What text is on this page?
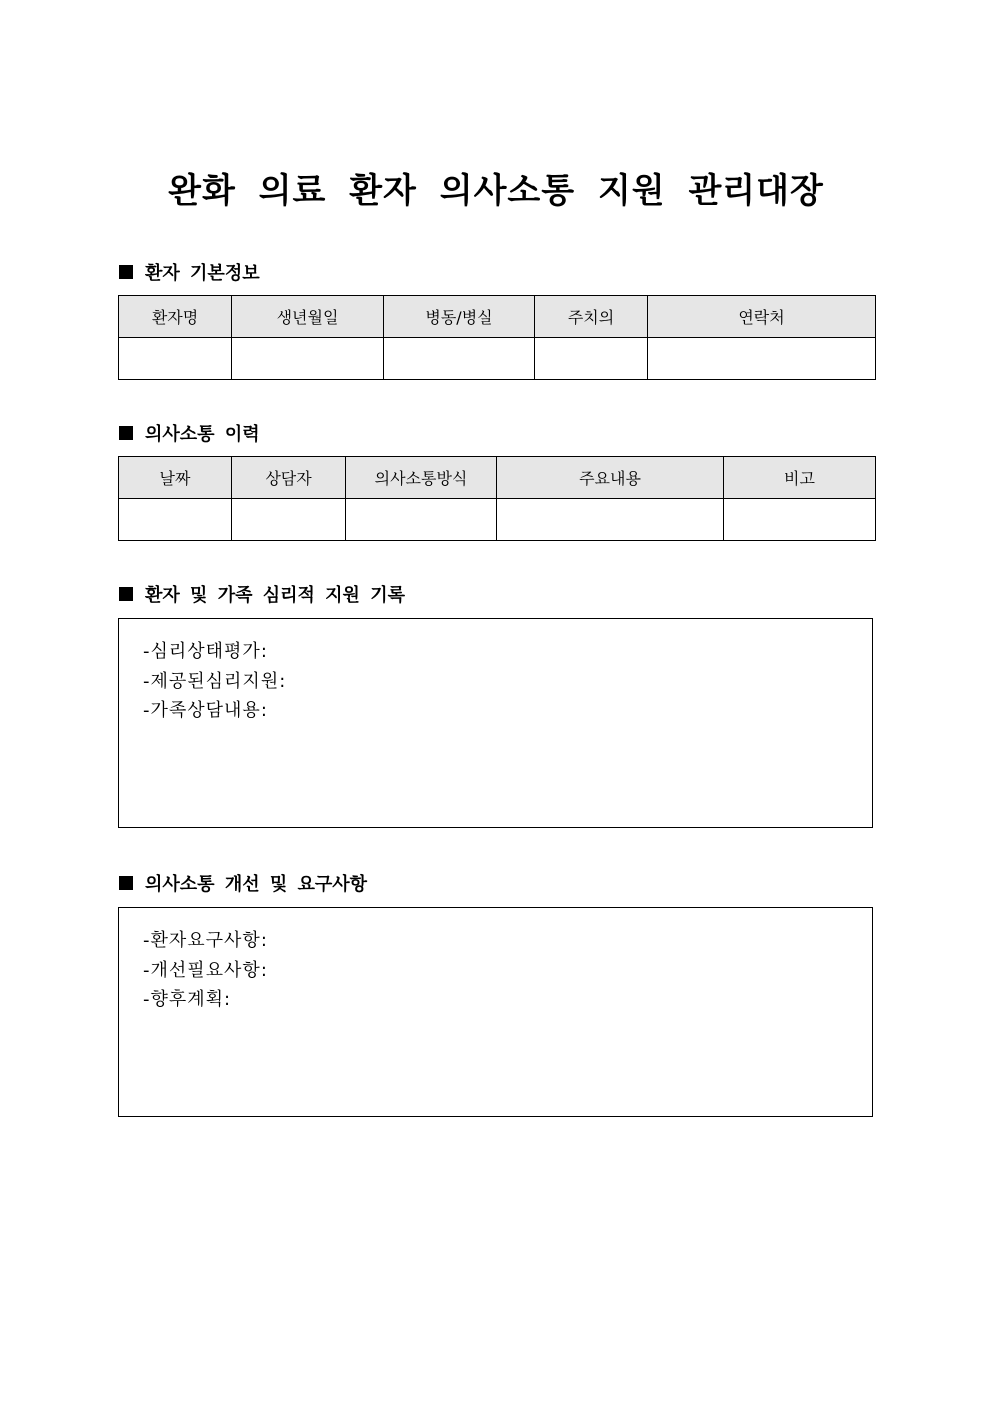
완화 의료 환자 의사소통 지원 관리대장
환자 기본정보
환자명	생년월일	병동/병실	주치의	연락처

의사소통 이력
날짜	상담자	의사소통방식	주요내용	비고

환자 및 가족 심리적 지원 기록
-심리상태평가:
-제공된심리지원:
-가족상담내용:
의사소통 개선 및 요구사항
-환자요구사항:
-개선필요사항:
-향후계획:
